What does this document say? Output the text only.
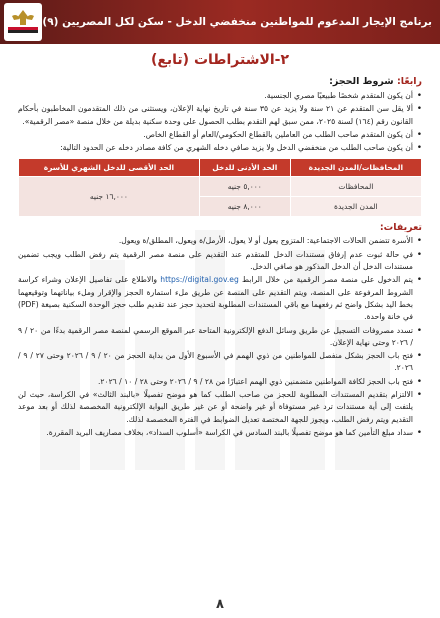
برنامج الإيجار المدعوم للمواطنين منخفضي الدخل - سكن لكل المصريين (٩)
٢-الاشتراطات (تابع)
رابعًا: شروط الحجز:
• أن يكون المتقدم شخصًا طبيعيًا مصري الجنسية.
• ألا يقل سن المتقدم عن ٢١ سنة ولا يزيد عن ٣٥ سنة في تاريخ نهاية الإعلان، ويستثنى من ذلك المتقدمون المخاطبون بأحكام القانون رقم (١٦٤) لسنة ٢٠٢٥، ممن سبق لهم التقدم بطلب الحصول على وحدة سكنية بديلة من خلال منصة «مصر الرقمية».
• أن يكون المتقدم صاحب الطلب من العاملين بالقطاع الحكومي/العام أو القطاع الخاص.
• أن يكون صاحب الطلب من منخفضي الدخل ولا يزيد صافي دخله الشهري من كافة مصادر دخله عن الحدود التالية:
المحافظات/المدن الجديدة	الحد الأدنى للدخل	الحد الأقصى للدخل الشهري للأسرة
المحافظات	٥,٠٠٠ جنيه	١٦,٠٠٠ جنيه
المدن الجديدة	٨,٠٠٠ جنيه	
تعريفات:
• الأسرة تتضمن الحالات الاجتماعية: المتزوج يعول أو لا يعول، الأرمل/ة ويعول، المطلق/ة ويعول.
• في حالة ثبوت عدم إرفاق مستندات الدخل للمتقدم عند التقديم على منصة مصر الرقمية يتم رفض الطلب ويجب تضمين مستندات الدخل أن الدخل المذكور هو صافي الدخل.
• يتم الدخول على منصة مصر الرقمية من خلال الرابط https://digital.gov.eg والاطلاع على تفاصيل الإعلان وشراء كراسة الشروط المرفوعة على المنصة، ويتم التقديم على المنصة عن طريق ملء استمارة الحجز والإقرار وملء بياناتهما وتوقيعهما بخط اليد بشكل واضح ثم رفعهما مع باقي المستندات المطلوبة لتحديد حجز عند تقديم طلب حجز الوحدة السكنية بصيغة (PDF) في خانة واحدة.
• تسدد مصروفات التسجيل عن طريق وسائل الدفع الإلكترونية المتاحة عبر الموقع الرسمي لمنصة مصر الرقمية بدءًا من ٢٠ / ٩ / ٢٠٢٦ وحتى نهاية الإعلان.
• فتح باب الحجز بشكل منفصل للمواطنين من ذوي الهمم في الأسبوع الأول من بداية الحجز من ٢٠ / ٩ / ٢٠٢٦ وحتى ٢٧ / ٩ / ٢٠٢٦.
• فتح باب الحجز لكافة المواطنين متضمنين ذوي الهمم اعتبارًا من ٢٨ / ٩ / ٢٠٢٦ وحتى ٢٨ / ١٠ / ٢٠٢٦.
• الالتزام بتقديم المستندات المطلوبة للحجز من صاحب الطلب كما هو موضح تفصيلًا «بالبند الثالث» في الكراسة، حيث لن يلتفت إلى أية مستندات ترد غير مستوفاة أو غير واضحة أو عن غير طريق البوابة الإلكترونية المخصصة لذلك أو بعد موعد التقديم ويتم رفض الطلب، ويجوز للجهة المختصة تعديل الضوابط في الفترة المخصصة لذلك.
• سداد مبلغ التأمين كما هو موضح تفصيلًا بالبند السادس في الكراسة «أسلوب السداد»، بخلاف مصاريف البريد المقررة.
٨
